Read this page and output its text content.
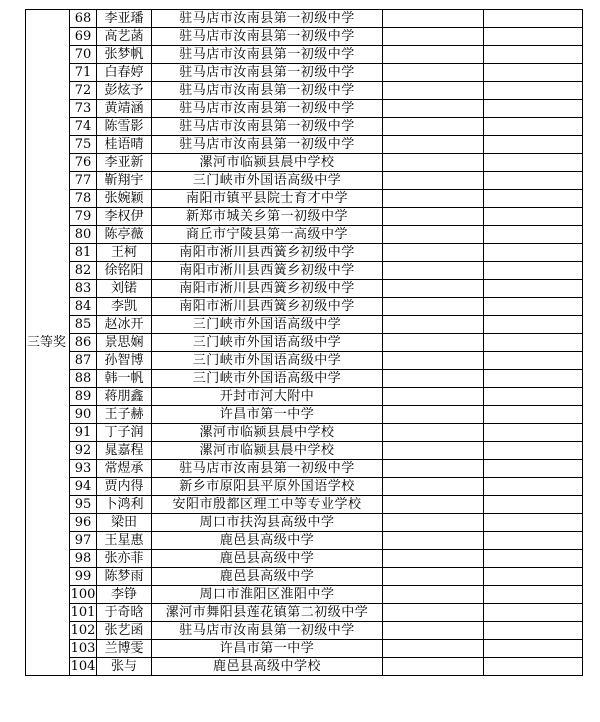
三等奖	68	李亚璠	驻马店市汝南县第一初级中学		
	69	高艺菡	驻马店市汝南县第一初级中学		
	70	张梦帆	驻马店市汝南县第一初级中学		
	71	白春婷	驻马店市汝南县第一初级中学		
	72	彭炫予	驻马店市汝南县第一初级中学		
	73	黄靖涵	驻马店市汝南县第一初级中学		
	74	陈雪影	驻马店市汝南县第一初级中学		
	75	桂语晴	驻马店市汝南县第一初级中学		
	76	李亚新	漯河市临颍县晨中学校		
	77	靳翔宇	三门峡市外国语高级中学		
	78	张婉颖	南阳市镇平县院士育才中学		
	79	李权伊	新郑市城关乡第一初级中学		
	80	陈亭薇	商丘市宁陵县第一高级中学		
	81	王柯	南阳市淅川县西簧乡初级中学		
	82	徐铭阳	南阳市淅川县西簧乡初级中学		
	83	刘锘	南阳市淅川县西簧乡初级中学		
	84	李凯	南阳市淅川县西簧乡初级中学		
	85	赵冰开	三门峡市外国语高级中学		
	86	景思娴	三门峡市外国语高级中学		
	87	孙智博	三门峡市外国语高级中学		
	88	韩一帆	三门峡市外国语高级中学		
	89	蒋朋鑫	开封市河大附中		
	90	王子赫	许昌市第一中学		
	91	丁子润	漯河市临颍县晨中学校		
	92	晁嘉程	漯河市临颍县晨中学校		
	93	常煜承	驻马店市汝南县第一初级中学		
	94	贾内得	新乡市原阳县平原外国语学校		
	95	卜鸿利	安阳市殷都区理工中等专业学校		
	96	梁田	周口市扶沟县高级中学		
	97	王星惠	鹿邑县高级中学		
	98	张亦菲	鹿邑县高级中学		
	99	陈梦雨	鹿邑县高级中学		
	100	李铮	周口市淮阳区淮阳中学		
	101	于奇晗	漯河市舞阳县莲花镇第二初级中学		
	102	张艺函	驻马店市汝南县第一初级中学		
	103	兰博雯	许昌市第一中学		
	104	张与	鹿邑县高级中学校		
